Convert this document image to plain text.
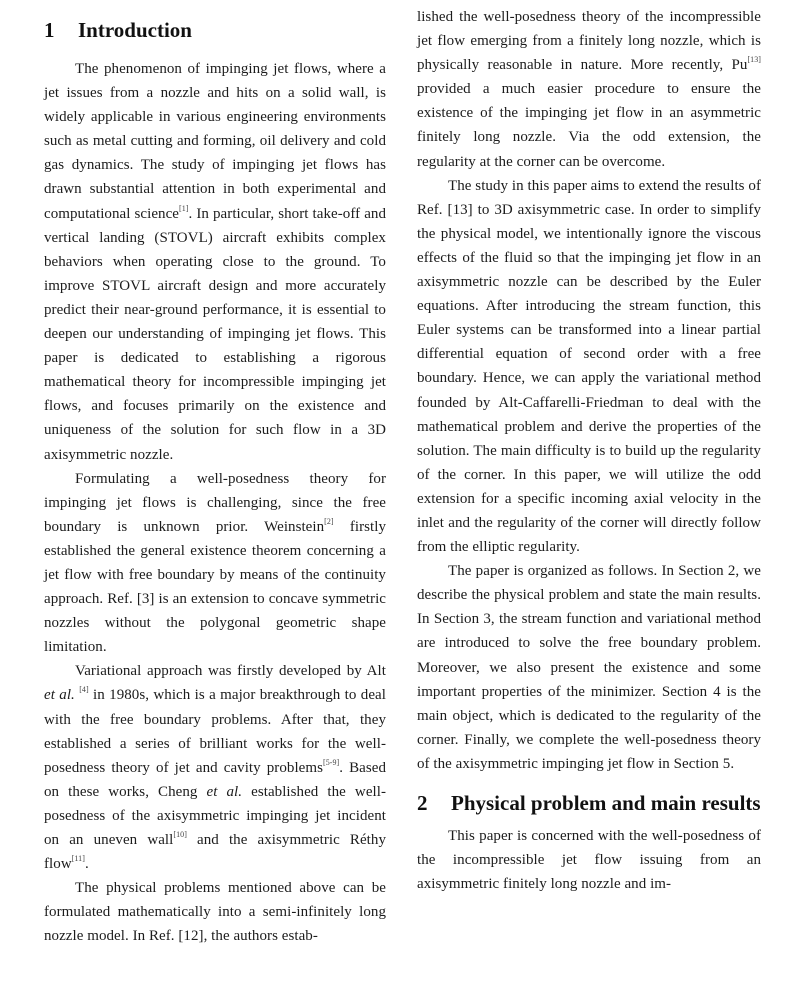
1	Introduction

The phenomenon of impinging jet flows, where a jet issues from a nozzle and hits on a solid wall, is widely applicable in various engineering environments such as metal cutting and forming, oil delivery and cold gas dynamics. The study of impinging jet flows has drawn substantial attention in both experimental and computational science[1]. In particular, short take-off and vertical landing (STOVL) aircraft exhibits complex behaviors when operating close to the ground. To improve STOVL aircraft design and more accurately predict their near-ground performance, it is essential to deepen our understanding of impinging jet flows. This paper is dedicated to establishing a rigorous mathematical theory for incompressible impinging jet flows, and focuses primarily on the existence and uniqueness of the solution for such flow in a 3D axisymmetric nozzle.

Formulating a well-posedness theory for impinging jet flows is challenging, since the free boundary is unknown prior. Weinstein[2] firstly established the general existence theorem concerning a jet flow with free boundary by means of the continuity approach. Ref. [3] is an extension to concave symmetric nozzles without the polygonal geometric shape limitation.

Variational approach was firstly developed by Alt et al. [4] in 1980s, which is a major breakthrough to deal with the free boundary problems. After that, they established a series of brilliant works for the well-posedness theory of jet and cavity problems[5-9]. Based on these works, Cheng et al. established the well-posedness of the axisymmetric impinging jet incident on an uneven wall[10] and the axisymmetric Réthy flow[11].

The physical problems mentioned above can be formulated mathematically into a semi-infinitely long nozzle model. In Ref. [12], the authors estab-

lished the well-posedness theory of the incompressible jet flow emerging from a finitely long nozzle, which is physically reasonable in nature. More recently, Pu[13] provided a much easier procedure to ensure the existence of the impinging jet flow in an asymmetric finitely long nozzle. Via the odd extension, the regularity at the corner can be overcome.

The study in this paper aims to extend the results of Ref. [13] to 3D axisymmetric case. In order to simplify the physical model, we intentionally ignore the viscous effects of the fluid so that the impinging jet flow in an axisymmetric nozzle can be described by the Euler equations. After introducing the stream function, this Euler systems can be transformed into a linear partial differential equation of second order with a free boundary. Hence, we can apply the variational method founded by Alt-Caffarelli-Friedman to deal with the mathematical problem and derive the properties of the solution. The main difficulty is to build up the regularity of the corner. In this paper, we will utilize the odd extension for a specific incoming axial velocity in the inlet and the regularity of the corner will directly follow from the elliptic regularity.

The paper is organized as follows. In Section 2, we describe the physical problem and state the main results. In Section 3, the stream function and variational method are introduced to solve the free boundary problem. Moreover, we also present the existence and some important properties of the minimizer. Section 4 is the main object, which is dedicated to the regularity of the corner. Finally, we complete the well-posedness theory of the axisymmetric impinging jet flow in Section 5.

2	Physical problem and main results

This paper is concerned with the well-posedness of the incompressible jet flow issuing from an axisymmetric finitely long nozzle and im-
